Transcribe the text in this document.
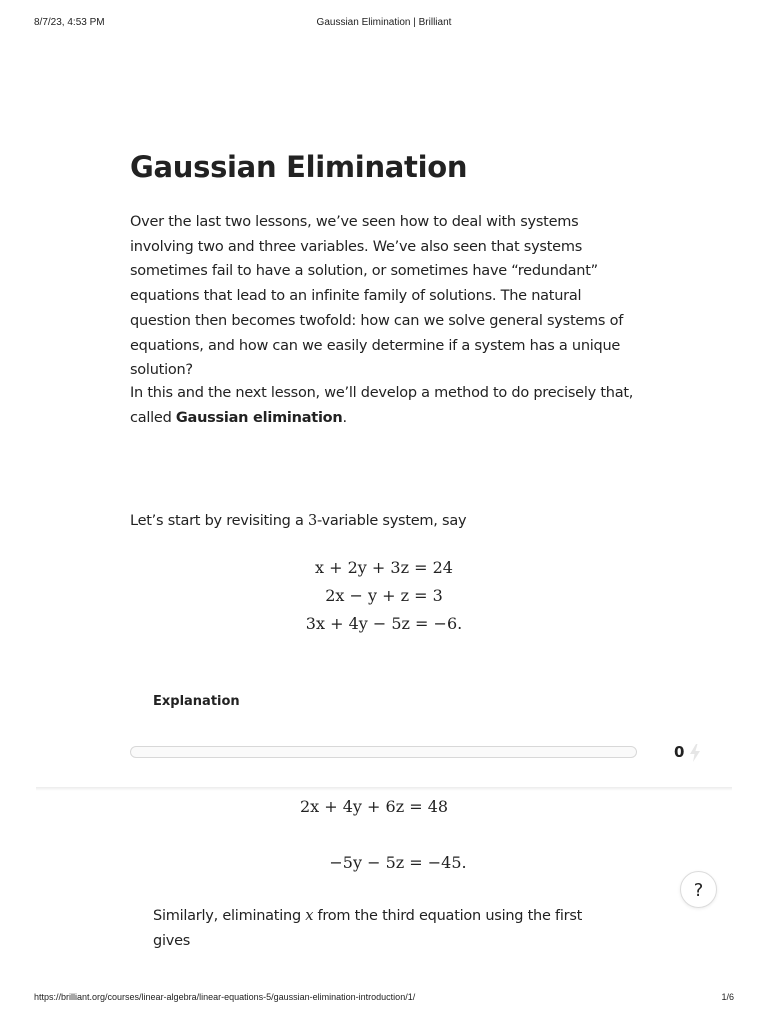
8/7/23, 4:53 PM	Gaussian Elimination | Brilliant
Gaussian Elimination

Over the last two lessons, we’ve seen how to deal with systems involving two and three variables. We’ve also seen that systems sometimes fail to have a solution, or sometimes have “redundant” equations that lead to an infinite family of solutions. The natural question then becomes twofold: how can we solve general systems of equations, and how can we easily determine if a system has a unique solution?

In this and the next lesson, we’ll develop a method to do precisely that, called Gaussian elimination.

Let’s start by revisiting a 3-variable system, say

x + 2y + 3z = 24
2x − y + z = 3
3x + 4y − 5z = −6.
Explanation
0
2x + 4y + 6z = 48
−5y − 5z = −45.
?

Similarly, eliminating x from the third equation using the first gives

https://brilliant.org/courses/linear-algebra/linear-equations-5/gaussian-elimination-introduction/1/	1/6
